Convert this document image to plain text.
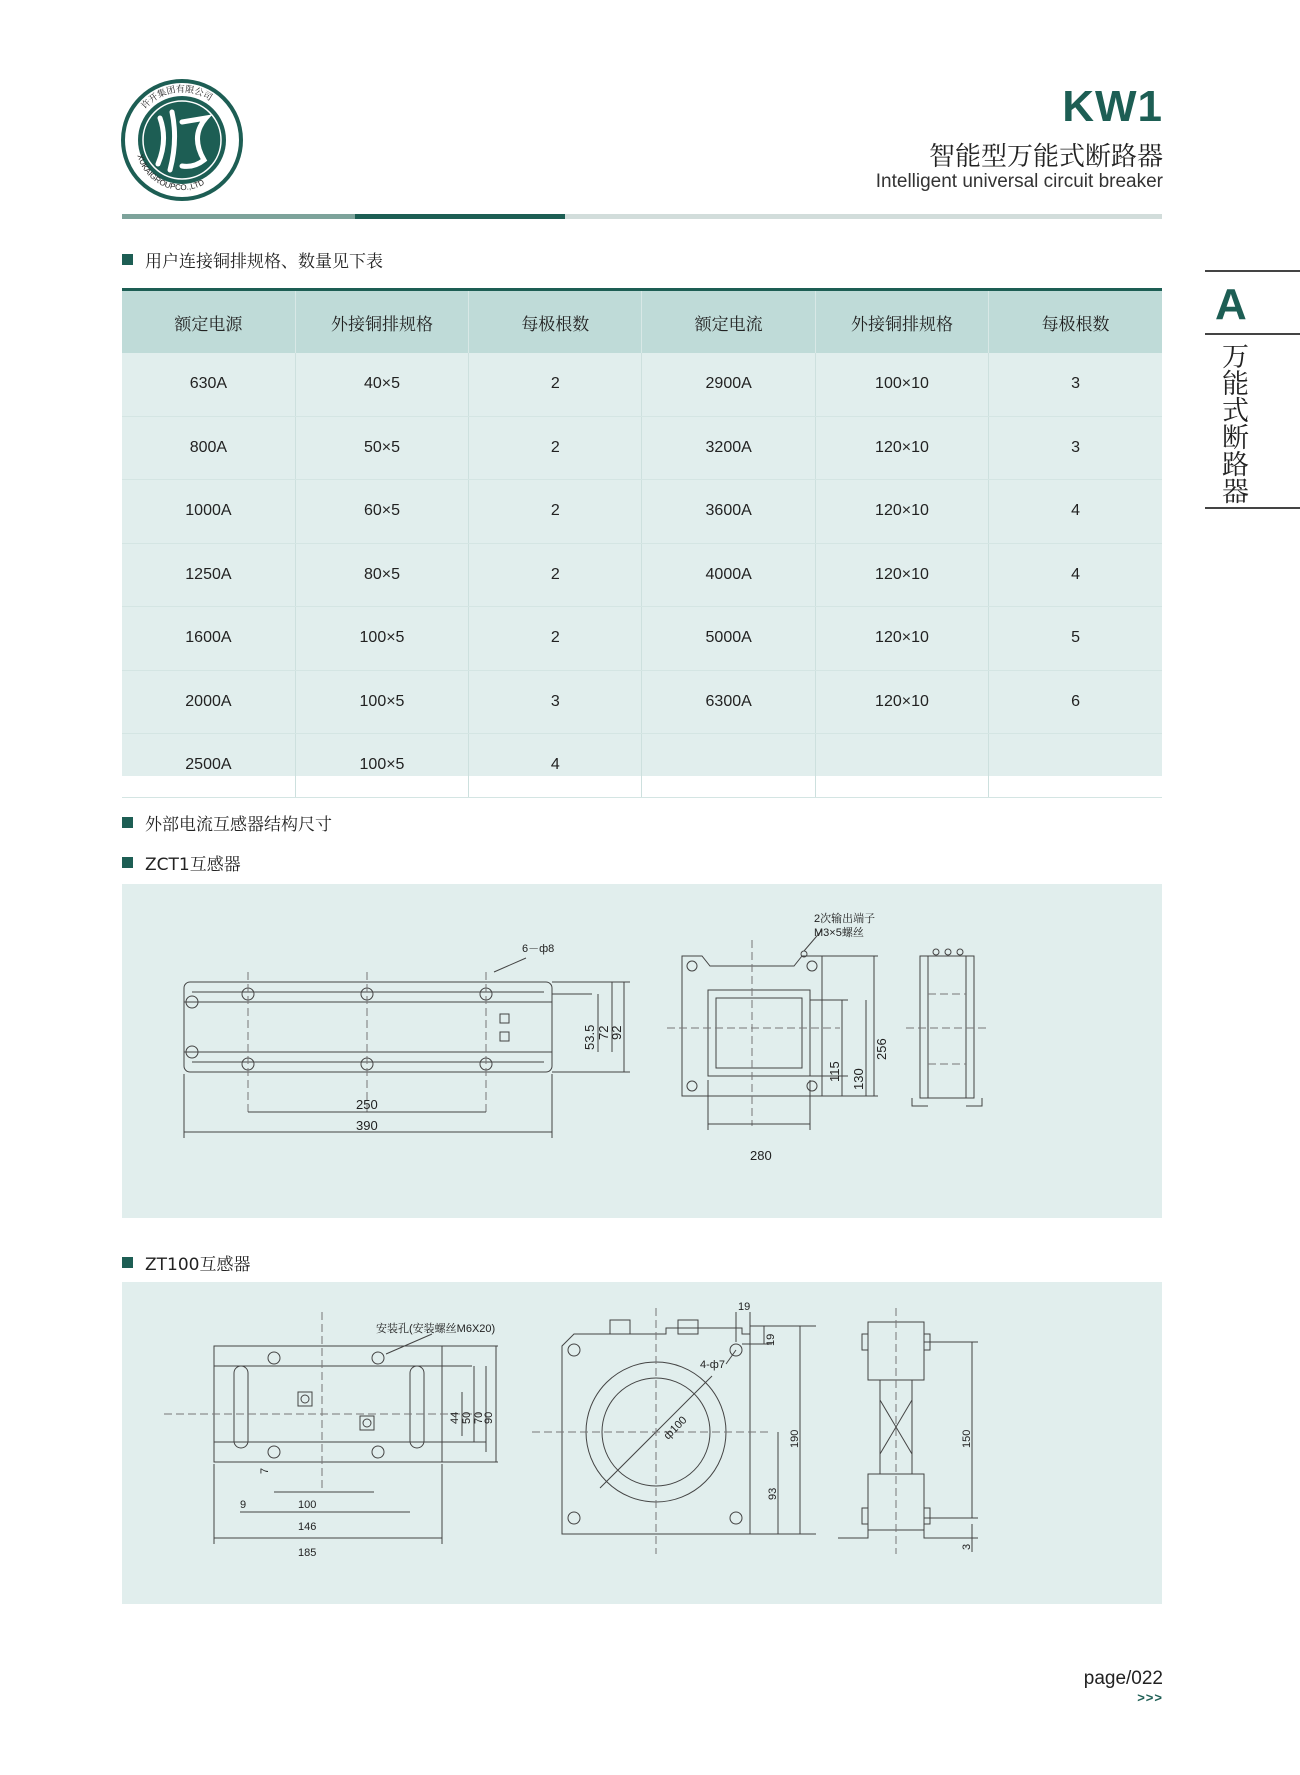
许开集团有限公司
XUKAIGROUPCO.,LTD
KW1
智能型万能式断路器
Intelligent universal circuit breaker
A
万能式断路器
用户连接铜排规格、数量见下表
额定电源	外接铜排规格	每极根数	额定电流	外接铜排规格	每极根数
630A	40×5	2	2900A	100×10	3
800A	50×5	2	3200A	120×10	3
1000A	60×5	2	3600A	120×10	4
1250A	80×5	2	4000A	120×10	4
1600A	100×5	2	5000A	120×10	5
2000A	100×5	3	6300A	120×10	6
2500A	100×5	4			
外部电流互感器结构尺寸
ZCT1互感器
6－ф8
2次输出端子
M3×5螺丝
250
390
53.5 72
92
280
115 130
256
ZT100互感器
安装孔(安装螺丝M6X20)
4-ф7
ф100
9
7
100
146
185
44 50 70
90
19
19
190
93
150
3
page/022
>>>
